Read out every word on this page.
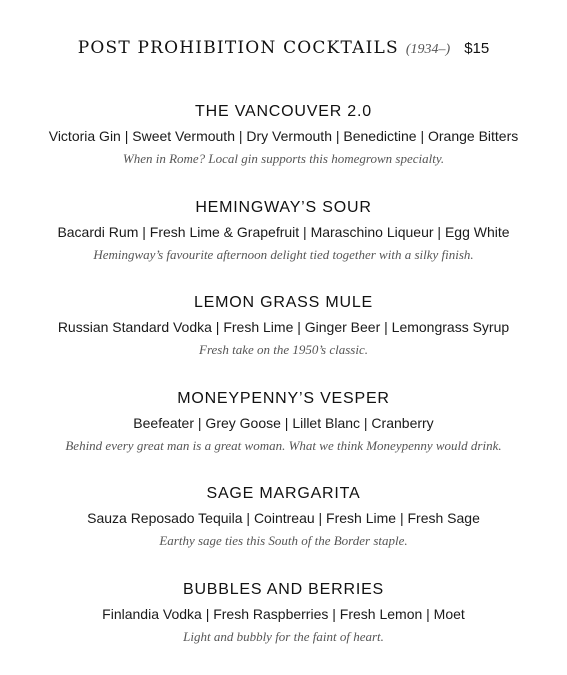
POST PROHIBITION COCKTAILS (1934–) $15
THE VANCOUVER 2.0
Victoria Gin | Sweet Vermouth | Dry Vermouth | Benedictine | Orange Bitters
When in Rome? Local gin supports this homegrown specialty.
HEMINGWAY’S SOUR
Bacardi Rum | Fresh Lime & Grapefruit | Maraschino Liqueur | Egg White
Hemingway’s favourite afternoon delight tied together with a silky finish.
LEMON GRASS MULE
Russian Standard Vodka | Fresh Lime | Ginger Beer | Lemongrass Syrup
Fresh take on the 1950’s classic.
MONEYPENNY’S VESPER
Beefeater | Grey Goose | Lillet Blanc | Cranberry
Behind every great man is a great woman. What we think Moneypenny would drink.
SAGE MARGARITA
Sauza Reposado Tequila | Cointreau | Fresh Lime | Fresh Sage
Earthy sage ties this South of the Border staple.
BUBBLES AND BERRIES
Finlandia Vodka | Fresh Raspberries | Fresh Lemon | Moet
Light and bubbly for the faint of heart.
